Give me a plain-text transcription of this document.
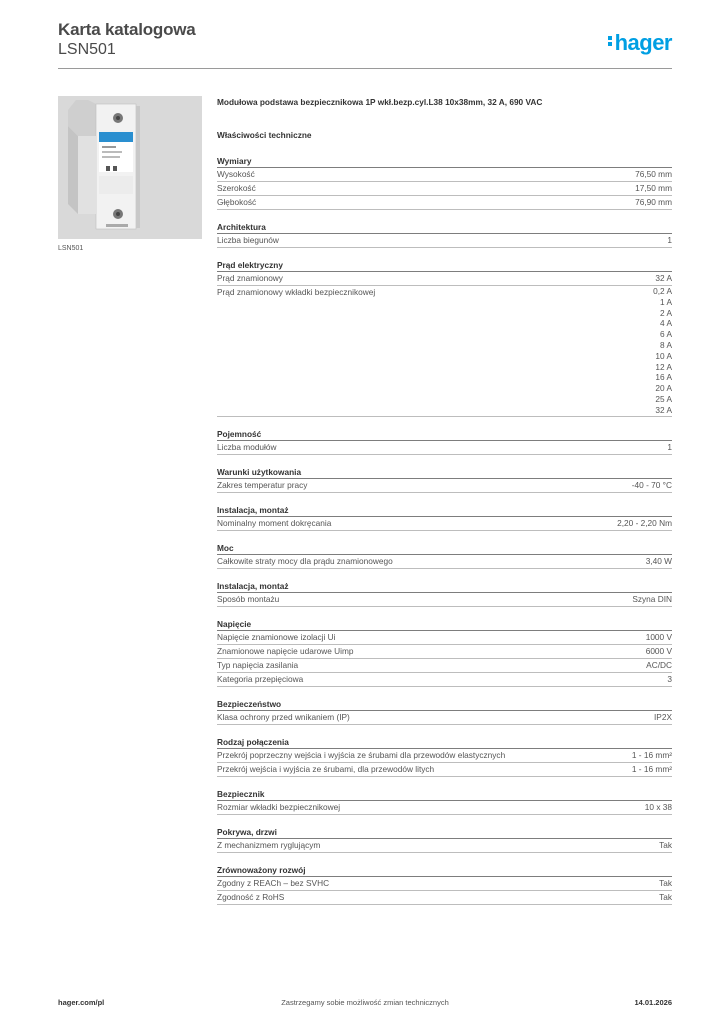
Karta katalogowa
LSN501	hager
LSN501
Modułowa podstawa bezpiecznikowa 1P wkł.bezp.cyl.L38 10x38mm, 32 A, 690 VAC
Właściwości techniczne
Wymiary
Wysokość	76,50 mm
Szerokość	17,50 mm
Głębokość	76,90 mm
Architektura
Liczba biegunów	1
Prąd elektryczny
Prąd znamionowy	32 A
Prąd znamionowy wkładki bezpiecznikowej	0,2 A
1 A
2 A
4 A
6 A
8 A
10 A
12 A
16 A
20 A
25 A
32 A
Pojemność
Liczba modułów	1
Warunki użytkowania
Zakres temperatur pracy	-40 - 70 °C
Instalacja, montaż
Nominalny moment dokręcania	2,20 - 2,20 Nm
Moc
Całkowite straty mocy dla prądu znamionowego	3,40 W
Instalacja, montaż
Sposób montażu	Szyna DIN
Napięcie
Napięcie znamionowe izolacji Ui	1000 V
Znamionowe napięcie udarowe Uimp	6000 V
Typ napięcia zasilania	AC/DC
Kategoria przepięciowa	3
Bezpieczeństwo
Klasa ochrony przed wnikaniem (IP)	IP2X
Rodzaj połączenia
Przekrój poprzeczny wejścia i wyjścia ze śrubami dla przewodów elastycznych	1 - 16 mm²
Przekrój wejścia i wyjścia ze śrubami, dla przewodów litych	1 - 16 mm²
Bezpiecznik
Rozmiar wkładki bezpiecznikowej	10 x 38
Pokrywa, drzwi
Z mechanizmem ryglującym	Tak
Zrównoważony rozwój
Zgodny z REACh – bez SVHC	Tak
Zgodność z RoHS	Tak
hager.com/pl	Zastrzegamy sobie możliwość zmian technicznych	14.01.2026
